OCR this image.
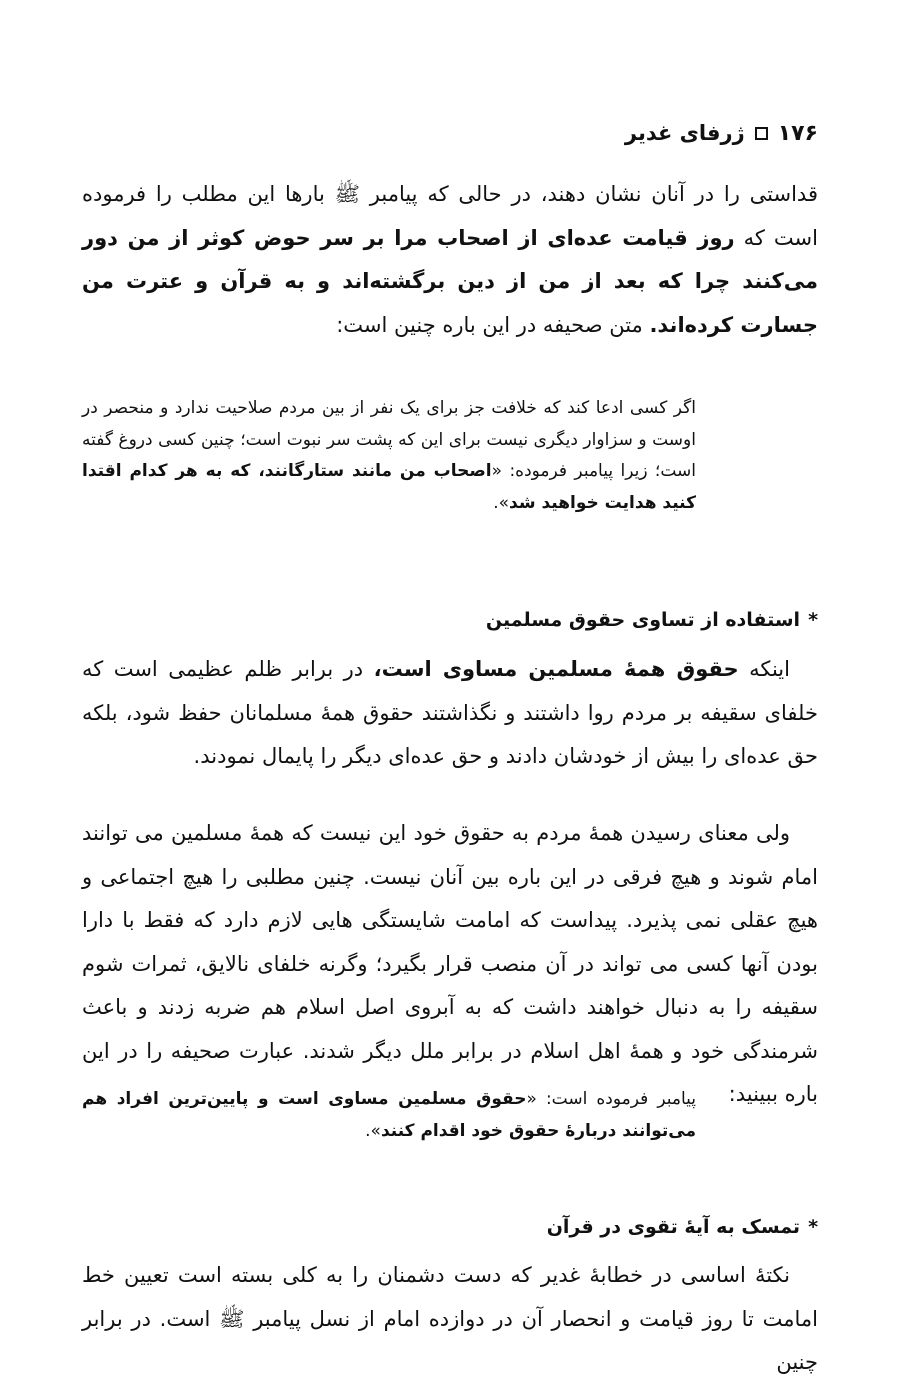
۱۷۶
ژرفای غدیر

قداستی را در آنان نشان دهند، در حالی که پیامبر ﷺ بارها این مطلب را فرموده است که روز قیامت عده‌ای از اصحاب مرا بر سر حوض کوثر از من دور می‌کنند چرا که بعد از من از دین برگشته‌اند و به قرآن و عترت من جسارت کرده‌اند. متن صحیفه در این باره چنین است:

اگر کسی ادعا کند که خلافت جز برای یک نفر از بین مردم صلاحیت ندارد و منحصر در اوست و سزاوار دیگری نیست برای این که پشت سر نبوت است؛ چنین کسی دروغ گفته است؛ زیرا پیامبر فرموده: «اصحاب من مانند ستارگانند، که به هر کدام اقتدا کنید هدایت خواهید شد».

*
استفاده از تساوی حقوق مسلمین

اینکه حقوق همهٔ مسلمین مساوی است، در برابر ظلم عظیمی است که خلفای سقیفه بر مردم روا داشتند و نگذاشتند حقوق همهٔ مسلمانان حفظ شود، بلکه حق عده‌ای را بیش از خودشان دادند و حق عده‌ای دیگر را پایمال نمودند.

ولی معنای رسیدن همهٔ مردم به حقوق خود این نیست که همهٔ مسلمین می توانند امام شوند و هیچ فرقی در این باره بین آنان نیست. چنین مطلبی را هیچ اجتماعی و هیچ عقلی نمی پذیرد. پیداست که امامت شایستگی هایی لازم دارد که فقط با دارا بودن آنها کسی می تواند در آن منصب قرار بگیرد؛ وگرنه خلفای نالایق، ثمرات شوم سقیفه را به دنبال خواهند داشت که به آبروی اصل اسلام هم ضربه زدند و باعث شرمندگی خود و همهٔ اهل اسلام در برابر ملل دیگر شدند. عبارت صحیفه را در این باره ببینید:

پیامبر فرموده است: «حقوق مسلمین مساوی است و پایین‌ترین افراد هم می‌توانند دربارهٔ حقوق خود اقدام کنند».

*
تمسک به آیهٔ تقوی در قرآن

نکتهٔ اساسی در خطابهٔ غدیر که دست دشمنان را به کلی بسته است تعیین خط امامت تا روز قیامت و انحصار آن در دوازده امام از نسل پیامبر ﷺ است. در برابر چنین
